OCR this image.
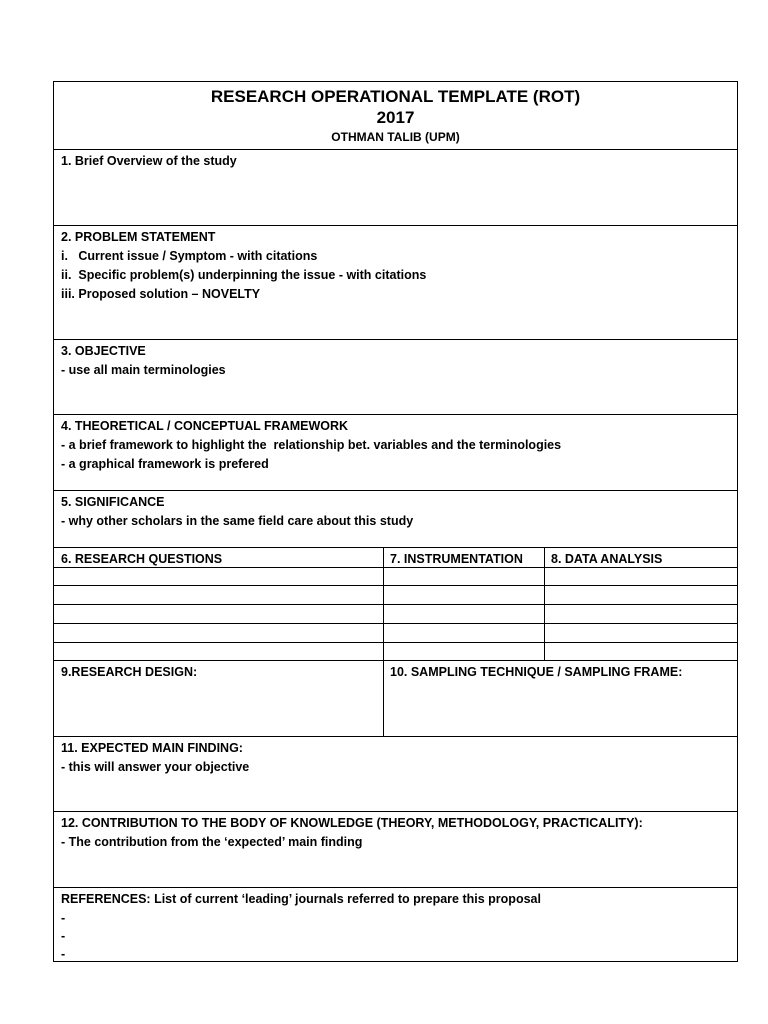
RESEARCH OPERATIONAL TEMPLATE (ROT)
2017
OTHMAN TALIB (UPM)
1. Brief Overview of the study
2. PROBLEM STATEMENT
i.   Current issue / Symptom - with citations
ii.  Specific problem(s) underpinning the issue - with citations
iii. Proposed solution – NOVELTY
3. OBJECTIVE
- use all main terminologies
4. THEORETICAL / CONCEPTUAL FRAMEWORK
- a brief framework to highlight the  relationship bet. variables and the terminologies
- a graphical framework is prefered
5. SIGNIFICANCE
- why other scholars in the same field care about this study
6. RESEARCH QUESTIONS	7. INSTRUMENTATION	8. DATA ANALYSIS
9.RESEARCH DESIGN:	10. SAMPLING TECHNIQUE / SAMPLING FRAME:
11. EXPECTED MAIN FINDING:
- this will answer your objective
12. CONTRIBUTION TO THE BODY OF KNOWLEDGE (THEORY, METHODOLOGY, PRACTICALITY):
- The contribution from the ‘expected’ main finding
REFERENCES: List of current ‘leading’ journals referred to prepare this proposal
-
-
-
